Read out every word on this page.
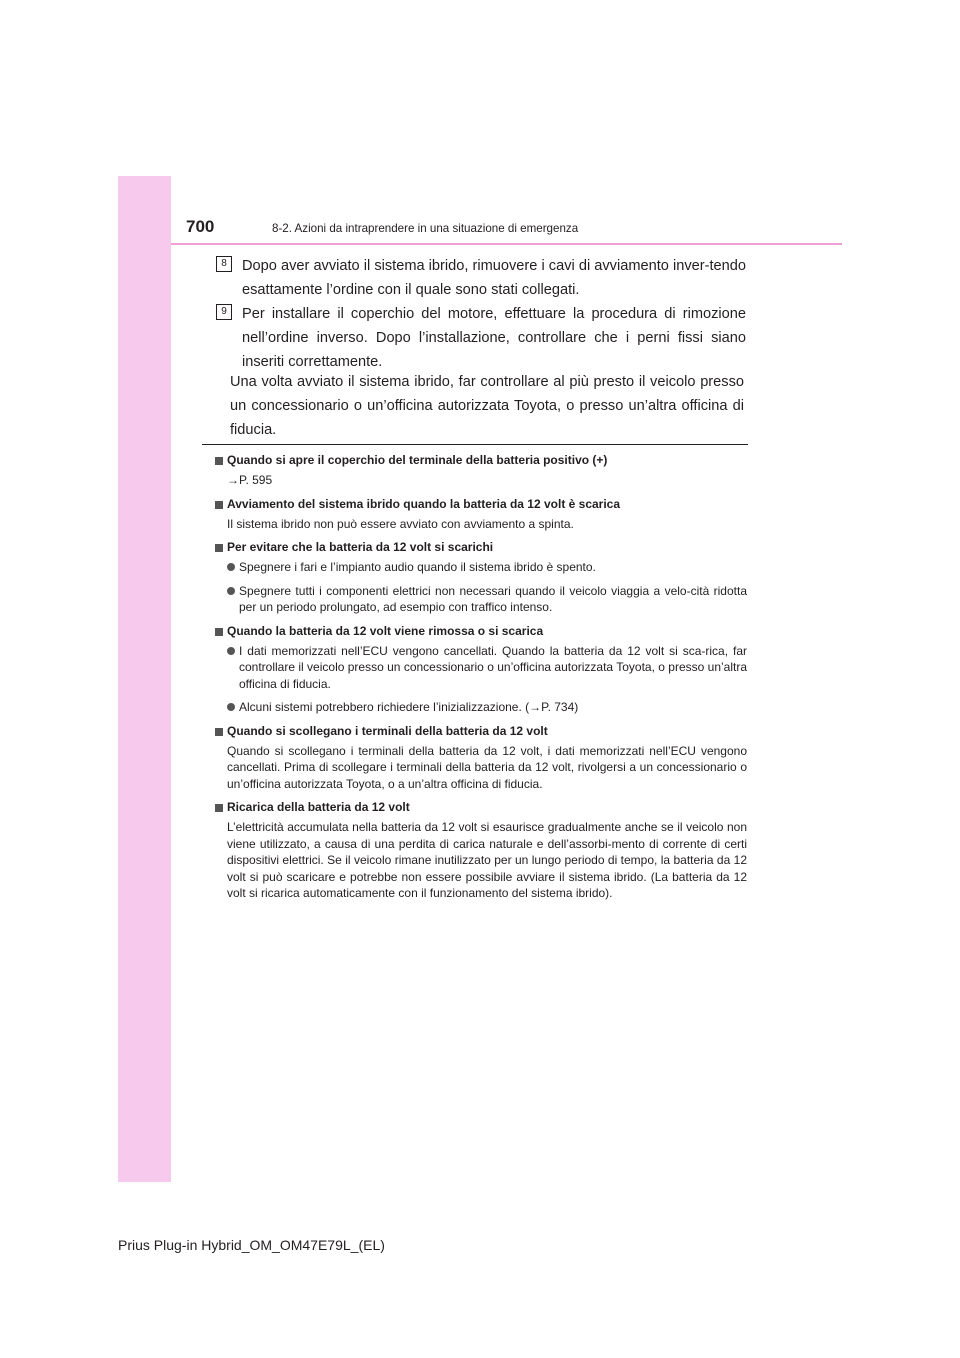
700	8-2. Azioni da intraprendere in una situazione di emergenza
8	Dopo aver avviato il sistema ibrido, rimuovere i cavi di avviamento inver-tendo esattamente l’ordine con il quale sono stati collegati.
9	Per installare il coperchio del motore, effettuare la procedura di rimozione nell’ordine inverso. Dopo l’installazione, controllare che i perni fissi siano inseriti correttamente.

Una volta avviato il sistema ibrido, far controllare al più presto il veicolo presso un concessionario o un’officina autorizzata Toyota, o presso un’altra officina di fiducia.

Quando si apre il coperchio del terminale della batteria positivo (+)
→P. 595
Avviamento del sistema ibrido quando la batteria da 12 volt è scarica
Il sistema ibrido non può essere avviato con avviamento a spinta.
Per evitare che la batteria da 12 volt si scarichi
Spegnere i fari e l’impianto audio quando il sistema ibrido è spento.
Spegnere tutti i componenti elettrici non necessari quando il veicolo viaggia a velo-cità ridotta per un periodo prolungato, ad esempio con traffico intenso.
Quando la batteria da 12 volt viene rimossa o si scarica
I dati memorizzati nell’ECU vengono cancellati. Quando la batteria da 12 volt si sca-rica, far controllare il veicolo presso un concessionario o un’officina autorizzata Toyota, o presso un’altra officina di fiducia.
Alcuni sistemi potrebbero richiedere l’inizializzazione. (→P. 734)
Quando si scollegano i terminali della batteria da 12 volt
Quando si scollegano i terminali della batteria da 12 volt, i dati memorizzati nell’ECU vengono cancellati. Prima di scollegare i terminali della batteria da 12 volt, rivolgersi a un concessionario o un’officina autorizzata Toyota, o a un’altra officina di fiducia.
Ricarica della batteria da 12 volt
L’elettricità accumulata nella batteria da 12 volt si esaurisce gradualmente anche se il veicolo non viene utilizzato, a causa di una perdita di carica naturale e dell’assorbi-mento di corrente di certi dispositivi elettrici. Se il veicolo rimane inutilizzato per un lungo periodo di tempo, la batteria da 12 volt si può scaricare e potrebbe non essere possibile avviare il sistema ibrido. (La batteria da 12 volt si ricarica automaticamente con il funzionamento del sistema ibrido).
Prius Plug-in Hybrid_OM_OM47E79L_(EL)
